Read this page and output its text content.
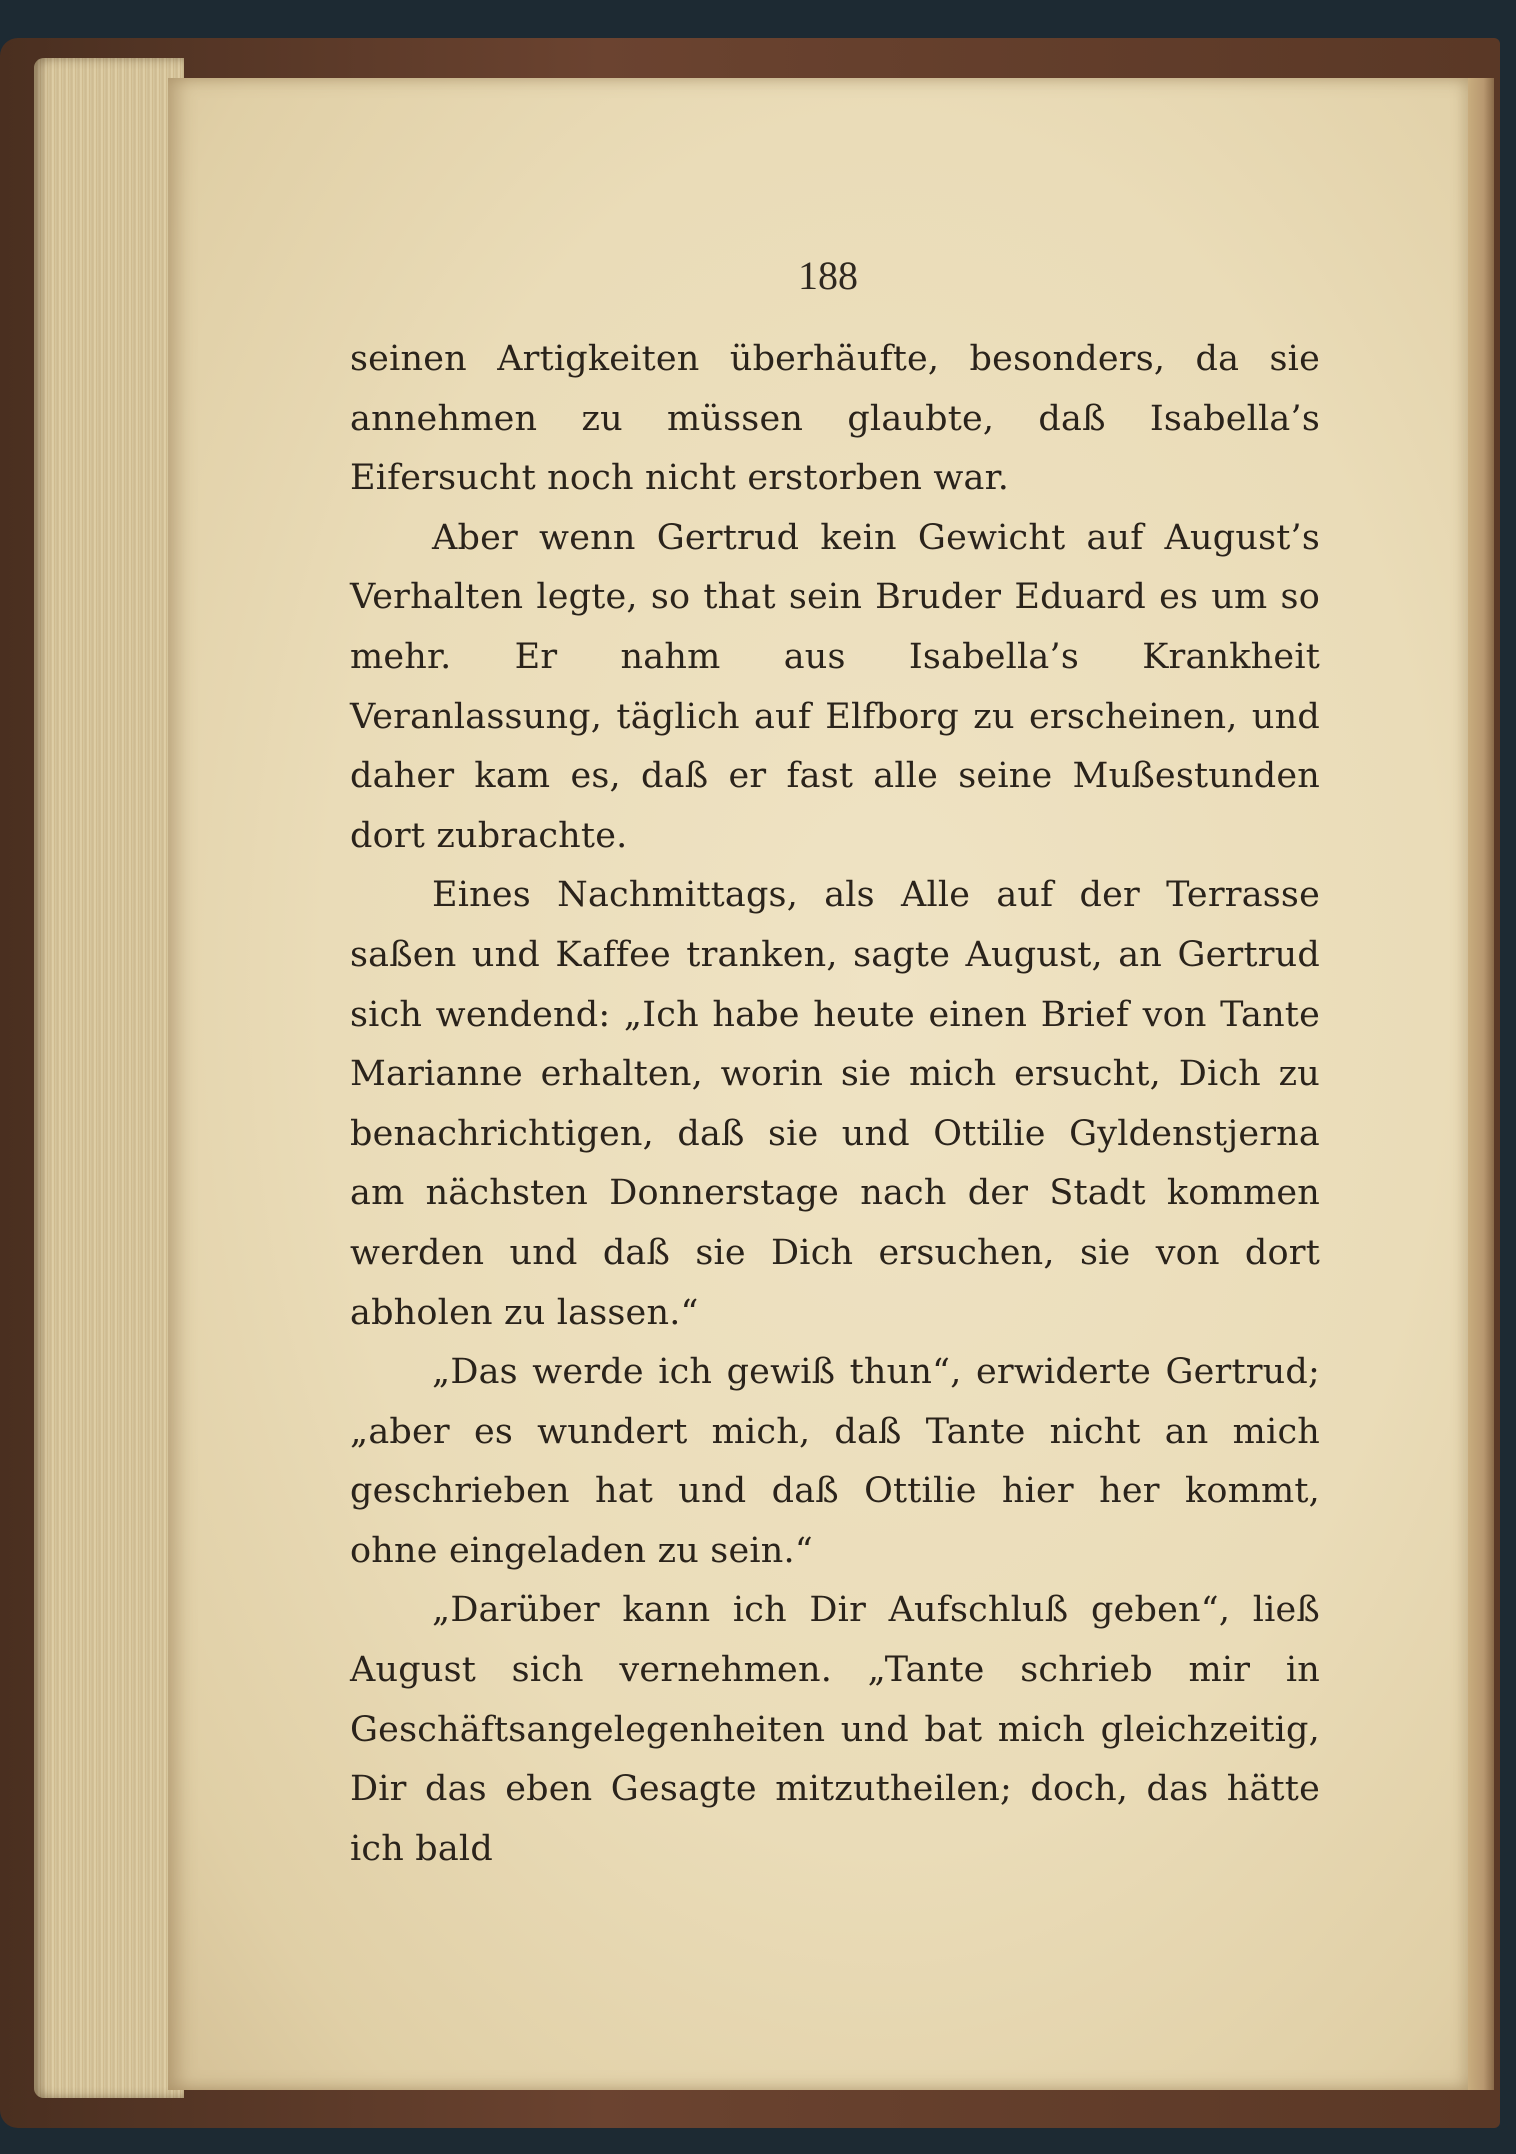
188

seinen Artigkeiten überhäufte, besonders, da sie annehmen zu müssen glaubte, daß Isabella’s Eifersucht noch nicht erstorben war.

Aber wenn Gertrud kein Gewicht auf August’s Verhalten legte, so that sein Bruder Eduard es um so mehr. Er nahm aus Isabella’s Krankheit Veranlassung, täglich auf Elfborg zu erscheinen, und daher kam es, daß er fast alle seine Mußestunden dort zubrachte.

Eines Nachmittags, als Alle auf der Terrasse saßen und Kaffee tranken, sagte August, an Gertrud sich wendend: „Ich habe heute einen Brief von Tante Marianne erhalten, worin sie mich ersucht, Dich zu benachrichtigen, daß sie und Ottilie Gyldenstjerna am nächsten Donnerstage nach der Stadt kommen werden und daß sie Dich ersuchen, sie von dort abholen zu lassen.“

„Das werde ich gewiß thun“, erwiderte Gertrud; „aber es wundert mich, daß Tante nicht an mich geschrieben hat und daß Ottilie hier her kommt, ohne eingeladen zu sein.“

„Darüber kann ich Dir Aufschluß geben“, ließ August sich vernehmen. „Tante schrieb mir in Geschäftsangelegenheiten und bat mich gleichzeitig, Dir das eben Gesagte mitzutheilen; doch, das hätte ich bald
